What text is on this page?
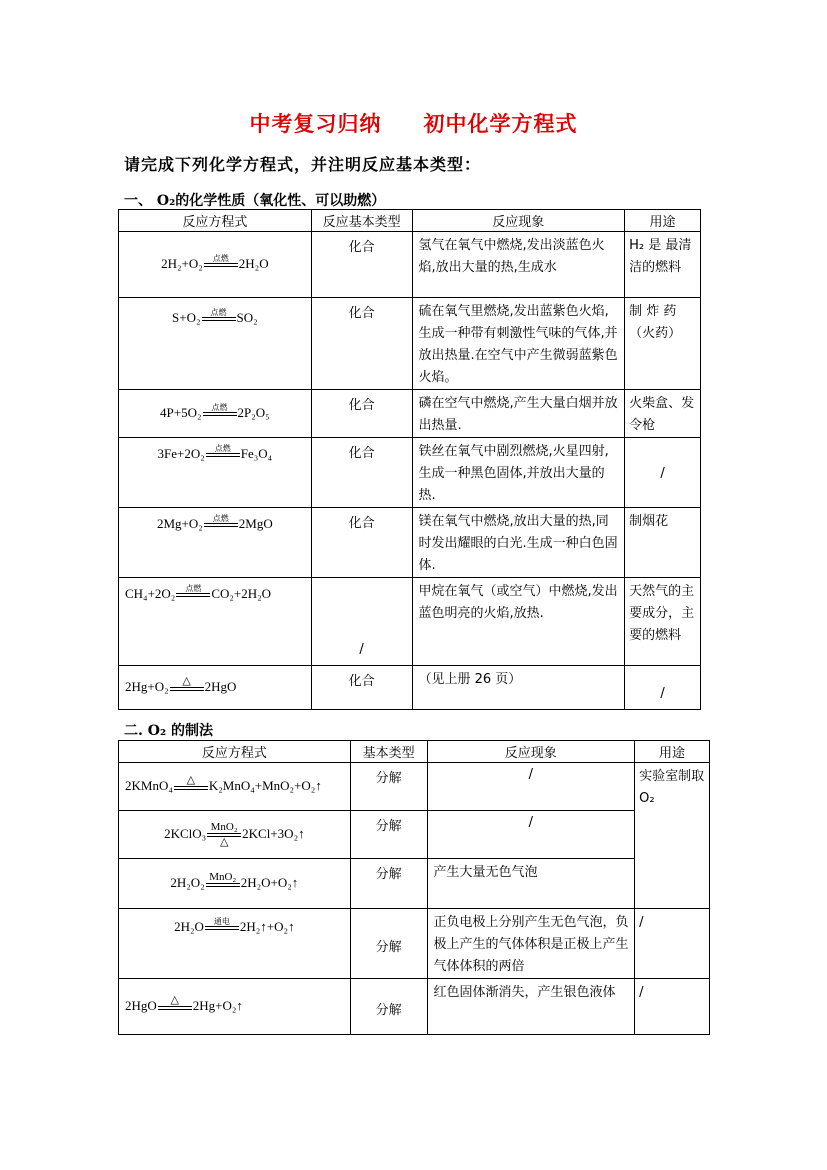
中考复习归纳 初中化学方程式
请完成下列化学方程式，并注明反应基本类型：
一、 O₂的化学性质（氧化性、可以助燃）
反应方程式	反应基本类型	反应现象	用途
2H₂+O₂ 点燃 2H₂O	化合	氢气在氧气中燃烧,发出淡蓝色火焰,放出大量的热,生成水	H₂ 是 最清洁的燃料
S+O₂ 点燃 SO₂	化合	硫在氧气里燃烧,发出蓝紫色火焰,生成一种带有刺激性气味的气体,并放出热量.在空气中产生微弱蓝紫色火焰。	制 炸 药（火药）
4P+5O₂ 点燃 2P₂O₅	化合	磷在空气中燃烧,产生大量白烟并放出热量.	火柴盒、发令枪
3Fe+2O₂ 点燃 Fe₃O₄	化合	铁丝在氧气中剧烈燃烧,火星四射,生成一种黑色固体,并放出大量的热.	/
2Mg+O₂ 点燃 2MgO	化合	镁在氧气中燃烧,放出大量的热,同时发出耀眼的白光.生成一种白色固体.	制烟花
CH₄+2O₂ 点燃 CO₂+2H₂O	/	甲烷在氧气（或空气）中燃烧,发出蓝色明亮的火焰,放热.	天然气的主要成分，主要的燃料
2Hg+O₂ △ 2HgO	化合	（见上册 26 页）	/
二. O₂ 的制法
反应方程式	基本类型	反应现象	用途
2KMnO₄ △ K₂MnO₄+MnO₂+O₂↑	分解	/	实验室制取 O₂
2KClO₃ MnO₂
△
2KCl+3O₂↑	分解	/	
2H₂O₂ MnO₂ 2H₂O+O₂↑	分解	产生大量无色气泡	
2H₂O 通电 2H₂↑+O₂↑	分解	正负电极上分别产生无色气泡，负极上产生的气体体积是正极上产生气体体积的两倍	/
2HgO △ 2Hg+O₂↑	分解	红色固体渐消失，产生银色液体	/
